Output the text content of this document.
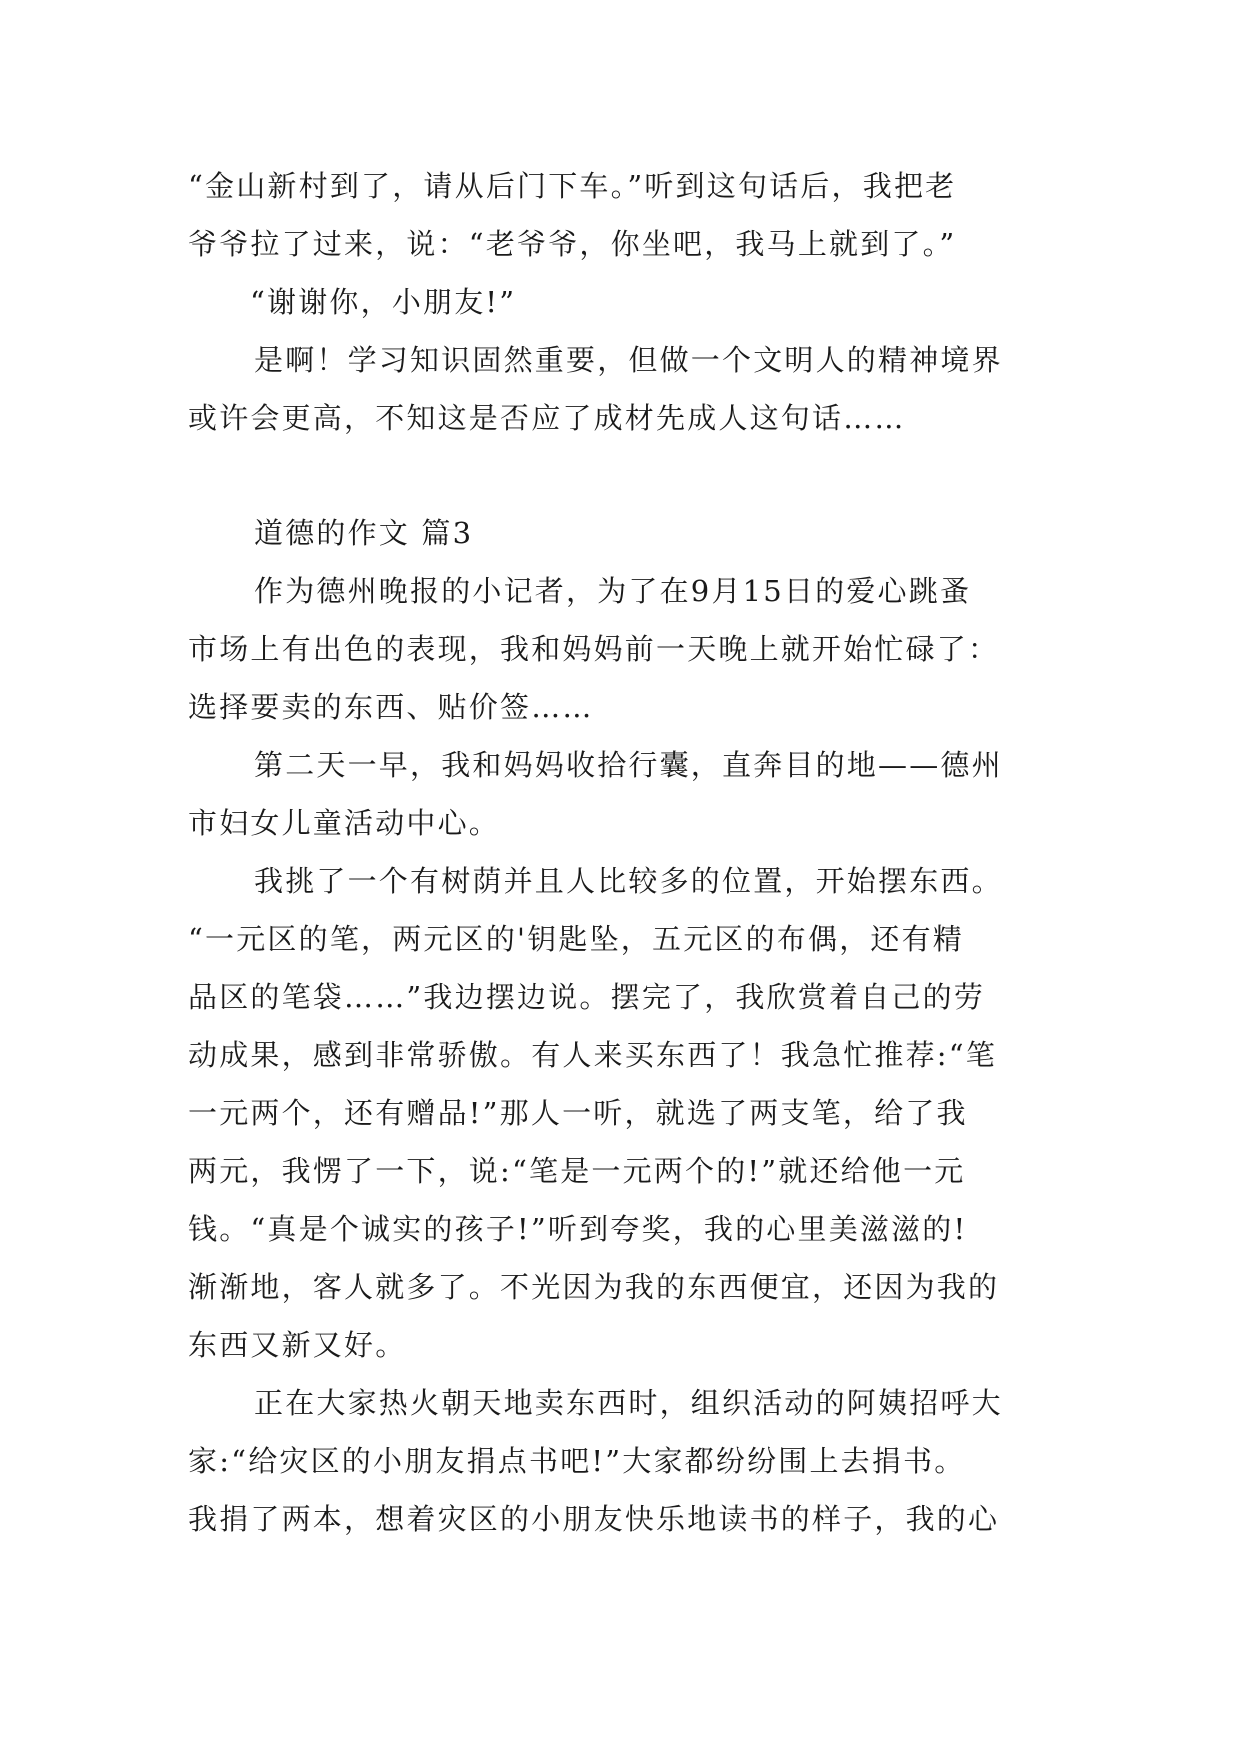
“金山新村到了，请从后门下车。”听到这句话后，我把老
爷爷拉了过来，说：“老爷爷，你坐吧，我马上就到了。”
“谢谢你，小朋友!”
是啊！学习知识固然重要，但做一个文明人的精神境界
或许会更高，不知这是否应了成材先成人这句话……
道德的作文 篇3
作为德州晚报的小记者，为了在9月15日的爱心跳蚤
市场上有出色的表现，我和妈妈前一天晚上就开始忙碌了：
选择要卖的东西、贴价签……
第二天一早，我和妈妈收拾行囊，直奔目的地——德州
市妇女儿童活动中心。
我挑了一个有树荫并且人比较多的位置，开始摆东西。
“一元区的笔，两元区的'钥匙坠，五元区的布偶，还有精
品区的笔袋……”我边摆边说。摆完了，我欣赏着自己的劳
动成果，感到非常骄傲。有人来买东西了！我急忙推荐:“笔
一元两个，还有赠品!”那人一听，就选了两支笔，给了我
两元，我愣了一下，说:“笔是一元两个的!”就还给他一元
钱。“真是个诚实的孩子!”听到夸奖，我的心里美滋滋的!
渐渐地，客人就多了。不光因为我的东西便宜，还因为我的
东西又新又好。
正在大家热火朝天地卖东西时，组织活动的阿姨招呼大
家:“给灾区的小朋友捐点书吧!”大家都纷纷围上去捐书。
我捐了两本，想着灾区的小朋友快乐地读书的样子，我的心
